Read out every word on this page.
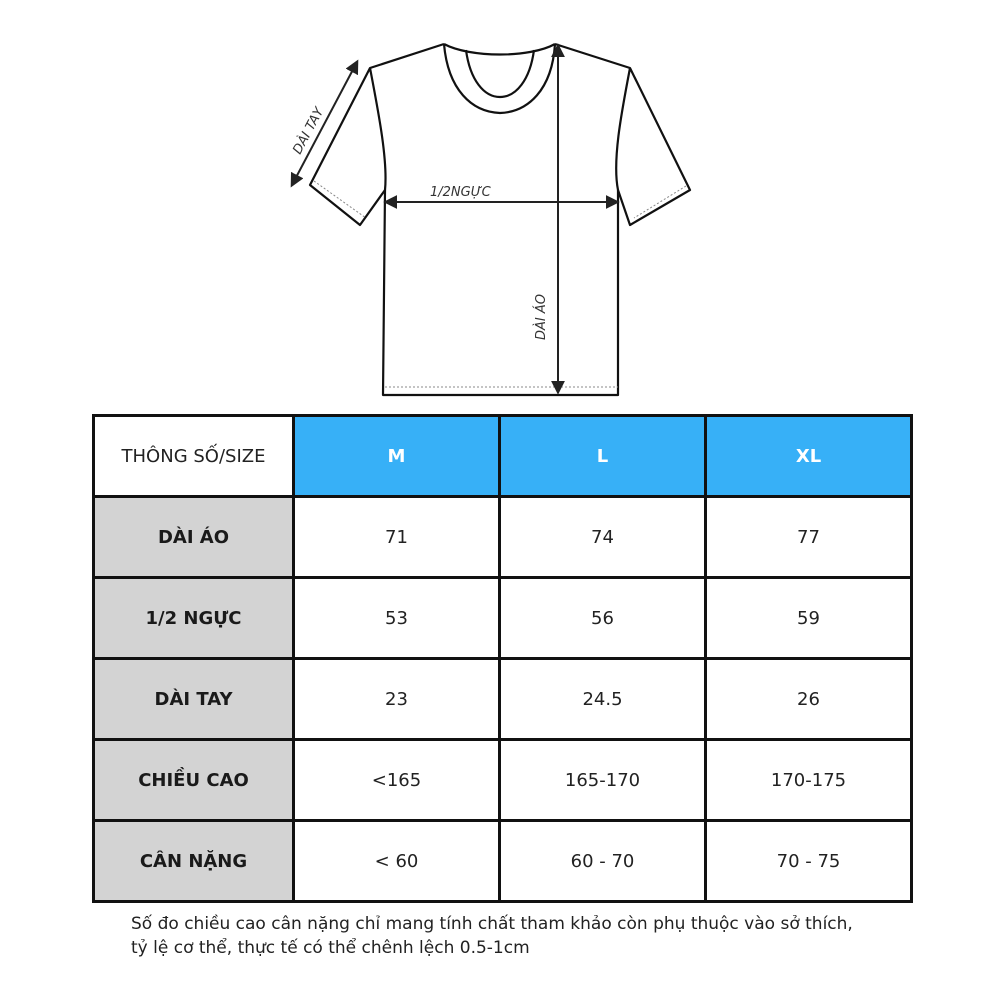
DÀI TAY
1/2NGỰC
DÀI ÁO
THÔNG SỐ/SIZE	M	L	XL
DÀI ÁO	71	74	77
1/2 NGỰC	53	56	59
DÀI TAY	23	24.5	26
CHIỀU CAO	<165	165-170	170-175
CÂN NẶNG	< 60	60 - 70	70 - 75

Số đo chiều cao cân nặng chỉ mang tính chất tham khảo còn phụ thuộc vào sở thích,
tỷ lệ cơ thể, thực tế có thể chênh lệch 0.5-1cm
